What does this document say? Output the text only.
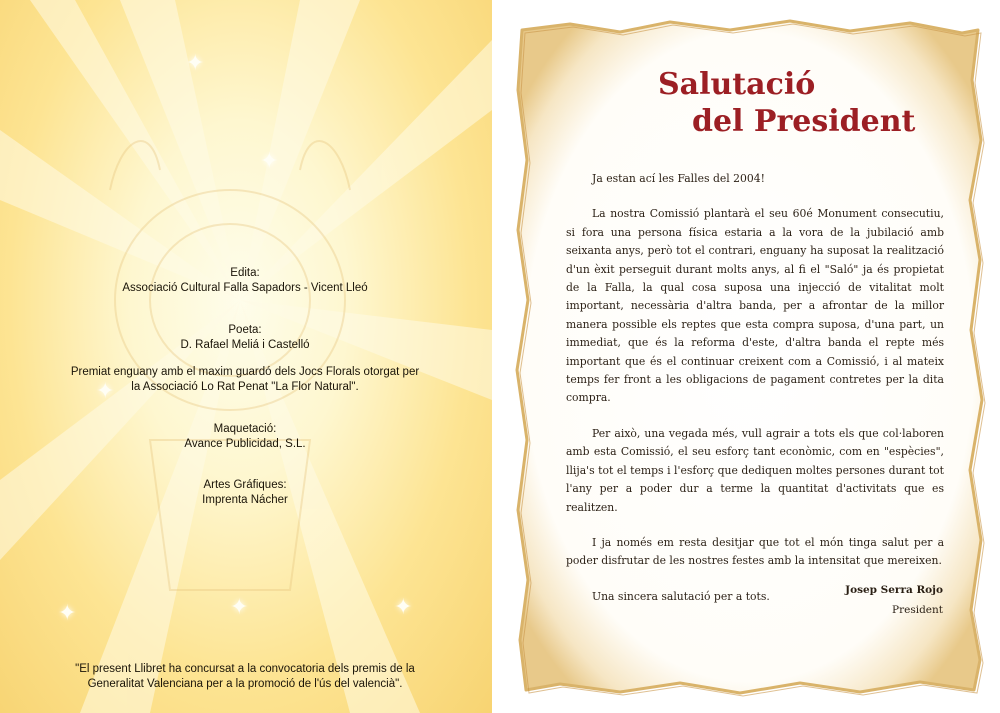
✦
✦
✦
✦
✦	✦

Edita:

Associació Cultural Falla Sapadors - Vicent Lleó

Poeta:

D. Rafael Meliá i Castelló

Premiat enguany amb el maxim guardó dels Jocs Florals otorgat per

la Associació Lo Rat Penat "La Flor Natural".

Maquetació:

Avance Publicidad, S.L.

Artes Gráfiques:

Imprenta Nácher

"El present Llibret ha concursat a la convocatoria dels premis de la
Generalitat Valenciana per a la promoció de l'ús del valencià".
Salutació
del President

Ja estan ací les Falles del 2004!

La nostra Comissió plantarà el seu 60é Monument consecutiu, si fora una persona física estaria a la vora de la jubilació amb seixanta anys, però tot el contrari, enguany ha suposat la realització d'un èxit perseguit durant molts anys, al fi el "Saló" ja és propietat de la Falla, la qual cosa suposa una injecció de vitalitat molt important, necessària d'altra banda, per a afrontar de la millor manera possible els reptes que esta compra suposa, d'una part, un immediat, que és la reforma d'este, d'altra banda el repte més important que és el continuar creixent com a Comissió, i al mateix temps fer front a les obligacions de pagament contretes per la dita compra.

Per això, una vegada més, vull agrair a tots els que col·laboren amb esta Comissió, el seu esforç tant econòmic, com en "espècies", llija's tot el temps i l'esforç que dediquen moltes persones durant tot l'any per a poder dur a terme la quantitat d'activitats que es realitzen.

I ja només em resta desitjar que tot el món tinga salut per a poder disfrutar de les nostres festes amb la intensitat que mereixen.

Una sincera salutació per a tots.	Josep Serra Rojo
President
